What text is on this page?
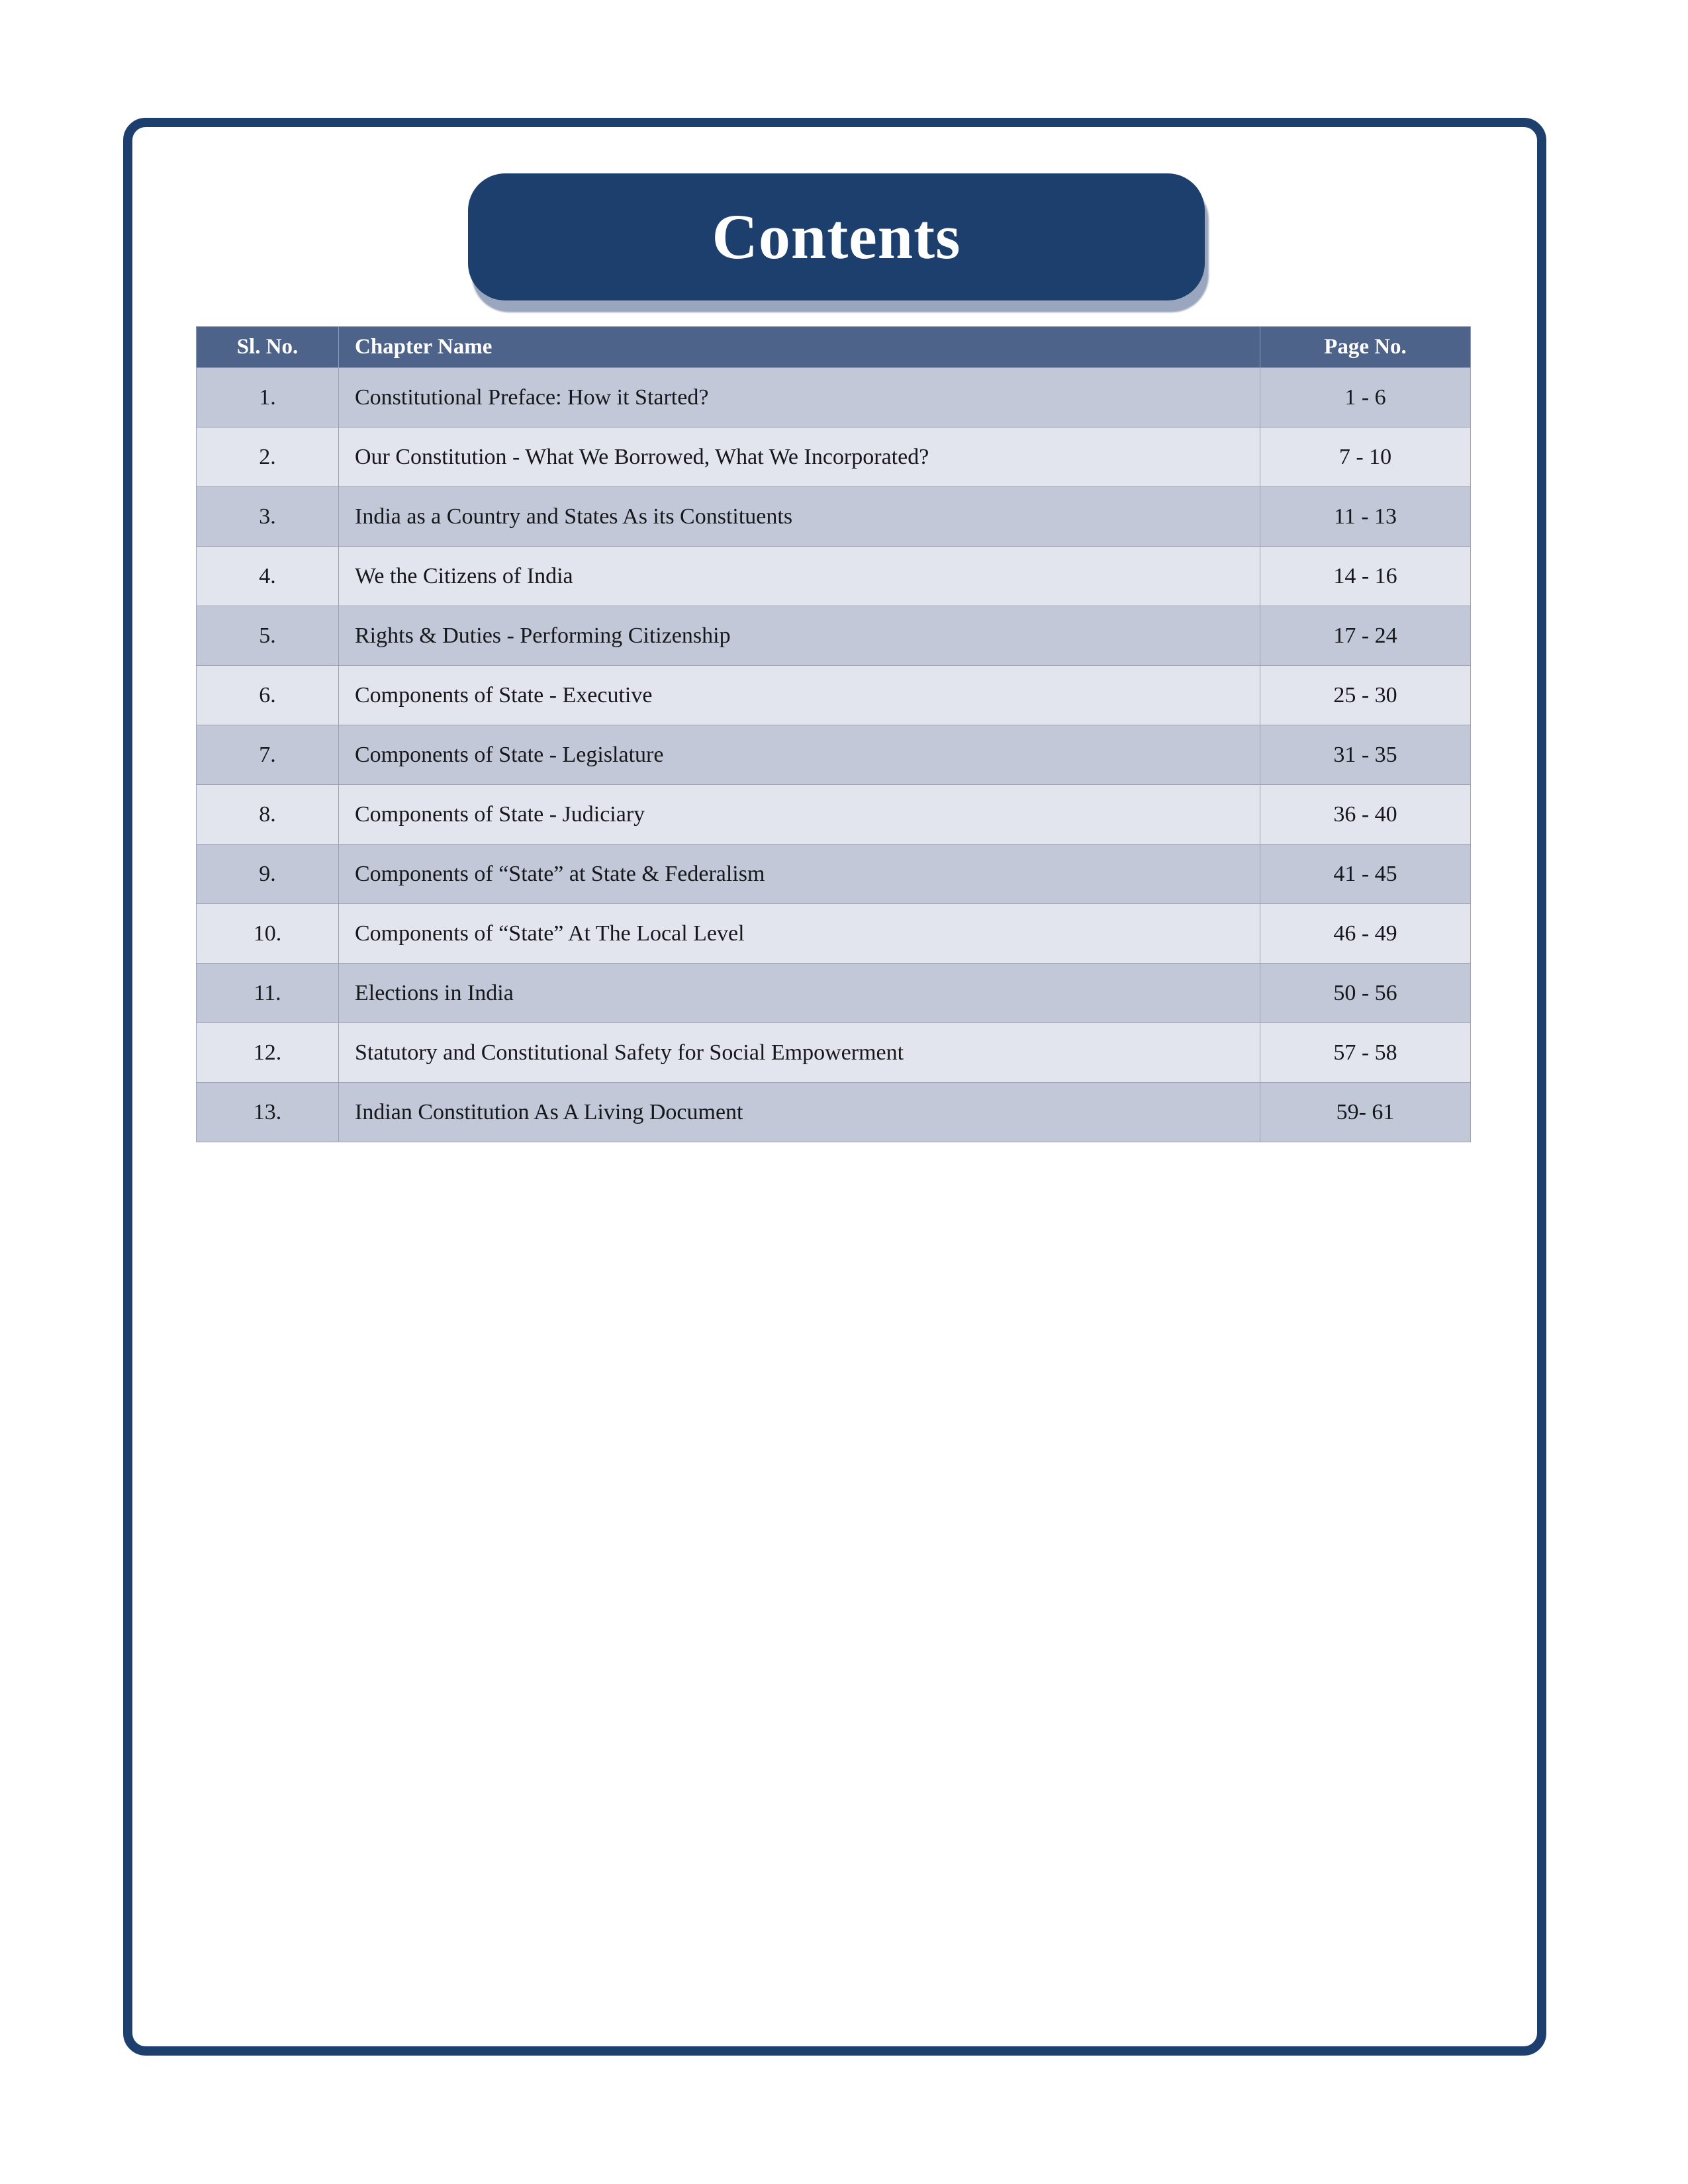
Contents
Sl. No.	Chapter Name	Page No.
1.	Constitutional Preface: How it Started?	1 - 6
2.	Our Constitution - What We Borrowed, What We Incorporated?	7 - 10
3.	India as a Country and States As its Constituents	11 - 13
4.	We the Citizens of India	14 - 16
5.	Rights & Duties - Performing Citizenship	17 - 24
6.	Components of State - Executive	25 - 30
7.	Components of State - Legislature	31 - 35
8.	Components of State - Judiciary	36 - 40
9.	Components of “State” at State & Federalism	41 - 45
10.	Components of “State” At The Local Level	46 - 49
11.	Elections in India	50 - 56
12.	Statutory and Constitutional Safety for Social Empowerment	57 - 58
13.	Indian Constitution As A Living Document	59- 61
